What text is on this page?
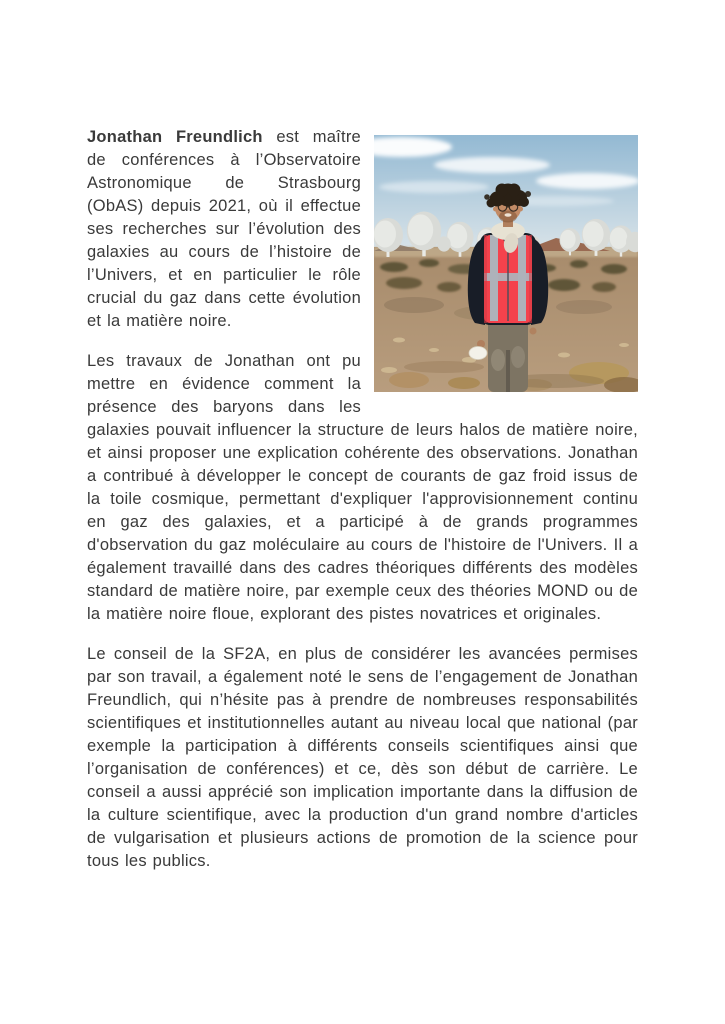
Jonathan Freundlich est maître de conférences à l’Observatoire Astronomique de Strasbourg (ObAS) depuis 2021, où il effectue ses recherches sur l’évolution des galaxies au cours de l’histoire de l’Univers, et en particulier le rôle crucial du gaz dans cette évolution et la matière noire.

Les travaux de Jonathan ont pu mettre en évidence comment la présence des baryons dans les galaxies pouvait influencer la structure de leurs halos de matière noire, et ainsi proposer une explication cohérente des observations. Jonathan a contribué à développer le concept de courants de gaz froid issus de la toile cosmique, permettant d'expliquer l'approvisionnement continu en gaz des galaxies, et a participé à de grands programmes d'observation du gaz moléculaire au cours de l'histoire de l'Univers. Il a également travaillé dans des cadres théoriques différents des modèles standard de matière noire, par exemple ceux des théories MOND ou de la matière noire floue, explorant des pistes novatrices et originales.

Le conseil de la SF2A, en plus de considérer les avancées permises par son travail, a également noté le sens de l’engagement de Jonathan Freundlich, qui n’hésite pas à prendre de nombreuses responsabilités scientifiques et institutionnelles autant au niveau local que national (par exemple la participation à différents conseils scientifiques ainsi que l’organisation de conférences) et ce, dès son début de carrière. Le conseil a aussi apprécié son implication importante dans la diffusion de la culture scientifique, avec la production d'un grand nombre d'articles de vulgarisation et plusieurs actions de promotion de la science pour tous les publics.
